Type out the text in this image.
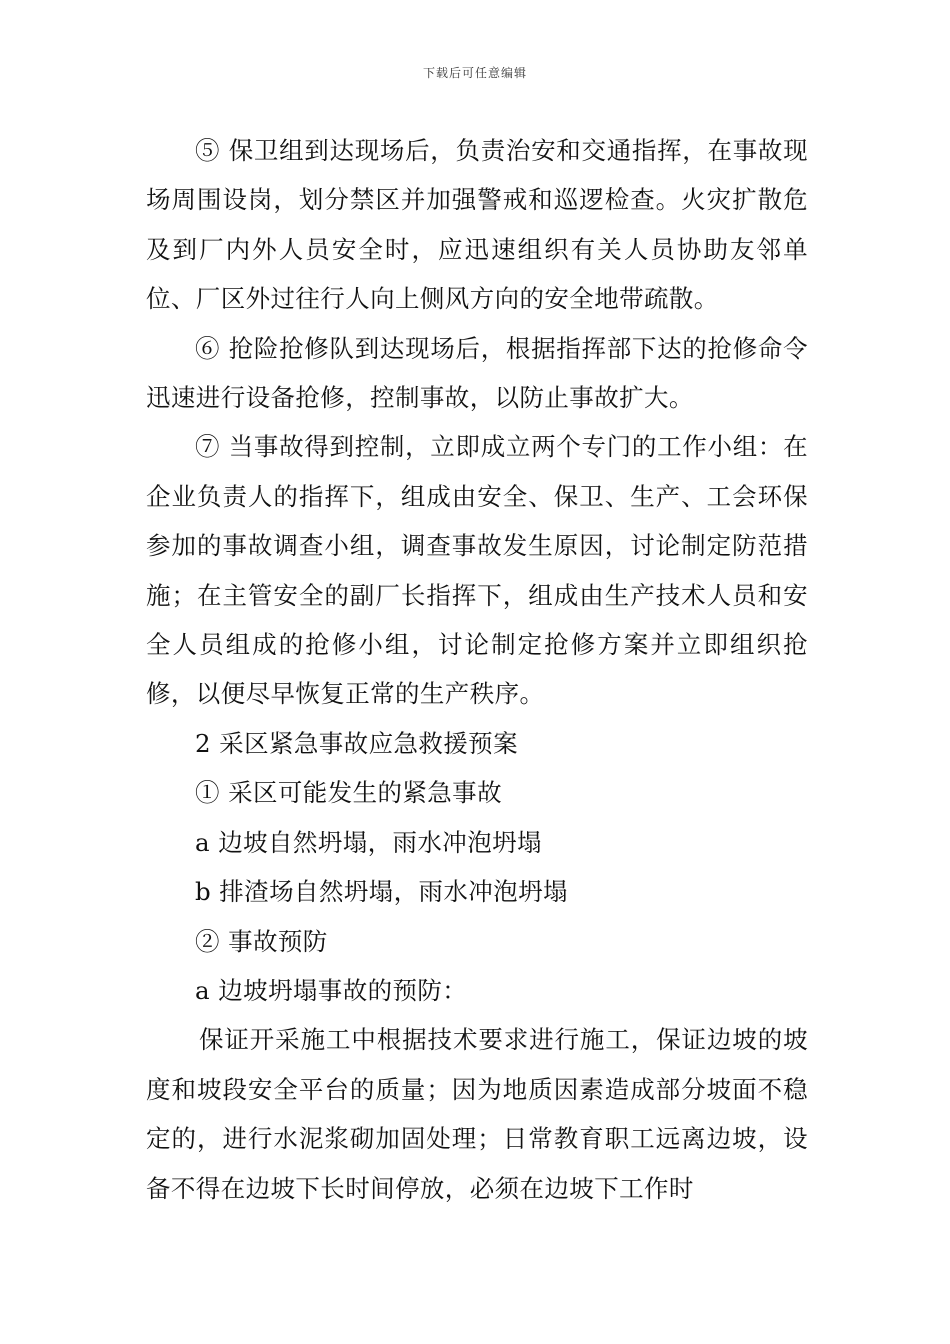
下载后可任意编辑

⑤ 保卫组到达现场后，负责治安和交通指挥，在事故现场周围设岗，划分禁区并加强警戒和巡逻检查。火灾扩散危及到厂内外人员安全时，应迅速组织有关人员协助友邻单位、厂区外过往行人向上侧风方向的安全地带疏散。

⑥ 抢险抢修队到达现场后，根据指挥部下达的抢修命令迅速进行设备抢修，控制事故，以防止事故扩大。

⑦ 当事故得到控制，立即成立两个专门的工作小组：在企业负责人的指挥下，组成由安全、保卫、生产、工会环保参加的事故调查小组，调查事故发生原因，讨论制定防范措施；在主管安全的副厂长指挥下，组成由生产技术人员和安全人员组成的抢修小组，讨论制定抢修方案并立即组织抢修，以便尽早恢复正常的生产秩序。

2 采区紧急事故应急救援预案

① 采区可能发生的紧急事故

a 边坡自然坍塌，雨水冲泡坍塌

b 排渣场自然坍塌，雨水冲泡坍塌

② 事故预防

a 边坡坍塌事故的预防：

保证开采施工中根据技术要求进行施工，保证边坡的坡度和坡段安全平台的质量；因为地质因素造成部分坡面不稳定的，进行水泥浆砌加固处理；日常教育职工远离边坡，设备不得在边坡下长时间停放，必须在边坡下工作时
